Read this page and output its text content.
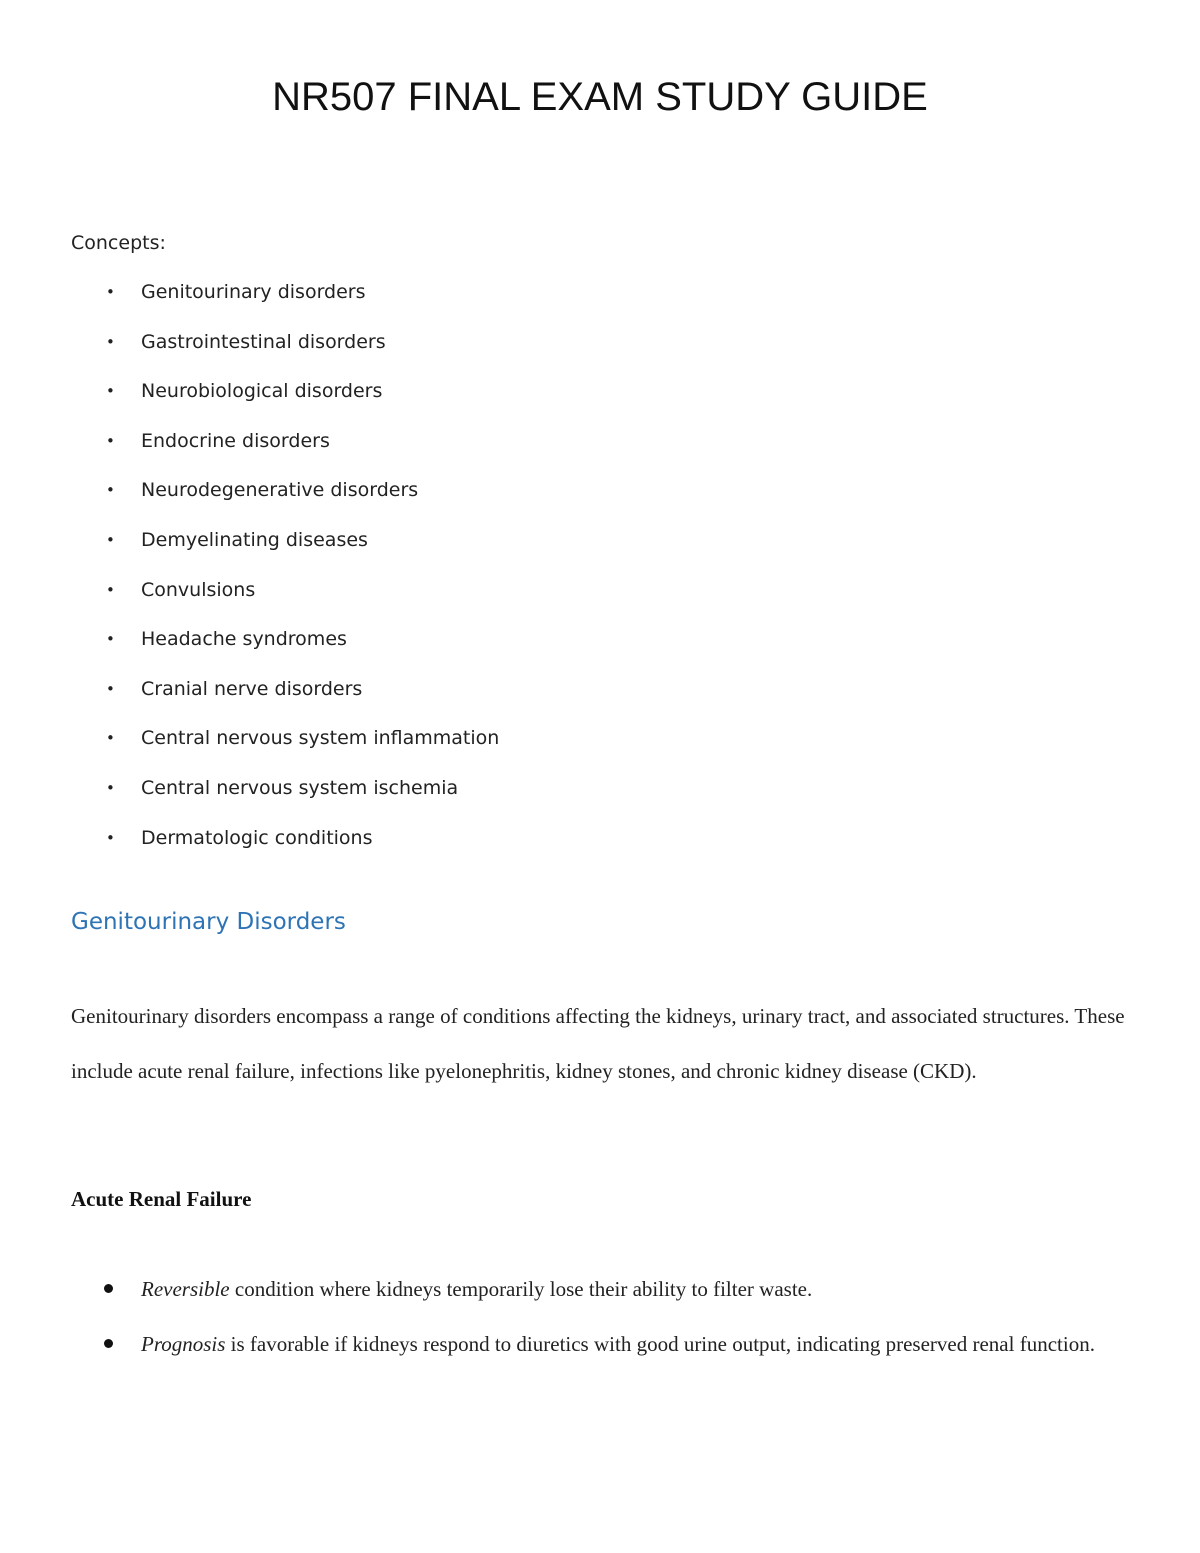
NR507 FINAL EXAM STUDY GUIDE

Concepts:

• Genitourinary disorders
• Gastrointestinal disorders
• Neurobiological disorders
• Endocrine disorders
• Neurodegenerative disorders
• Demyelinating diseases
• Convulsions
• Headache syndromes
• Cranial nerve disorders
• Central nervous system inflammation
• Central nervous system ischemia
• Dermatologic conditions
Genitourinary Disorders

Genitourinary disorders encompass a range of conditions affecting the kidneys, urinary tract, and associated structures. These include acute renal failure, infections like pyelonephritis, kidney stones, and chronic kidney disease (CKD).

Acute Renal Failure
Reversible condition where kidneys temporarily lose their ability to filter waste.
Prognosis is favorable if kidneys respond to diuretics with good urine output, indicating preserved renal function.
